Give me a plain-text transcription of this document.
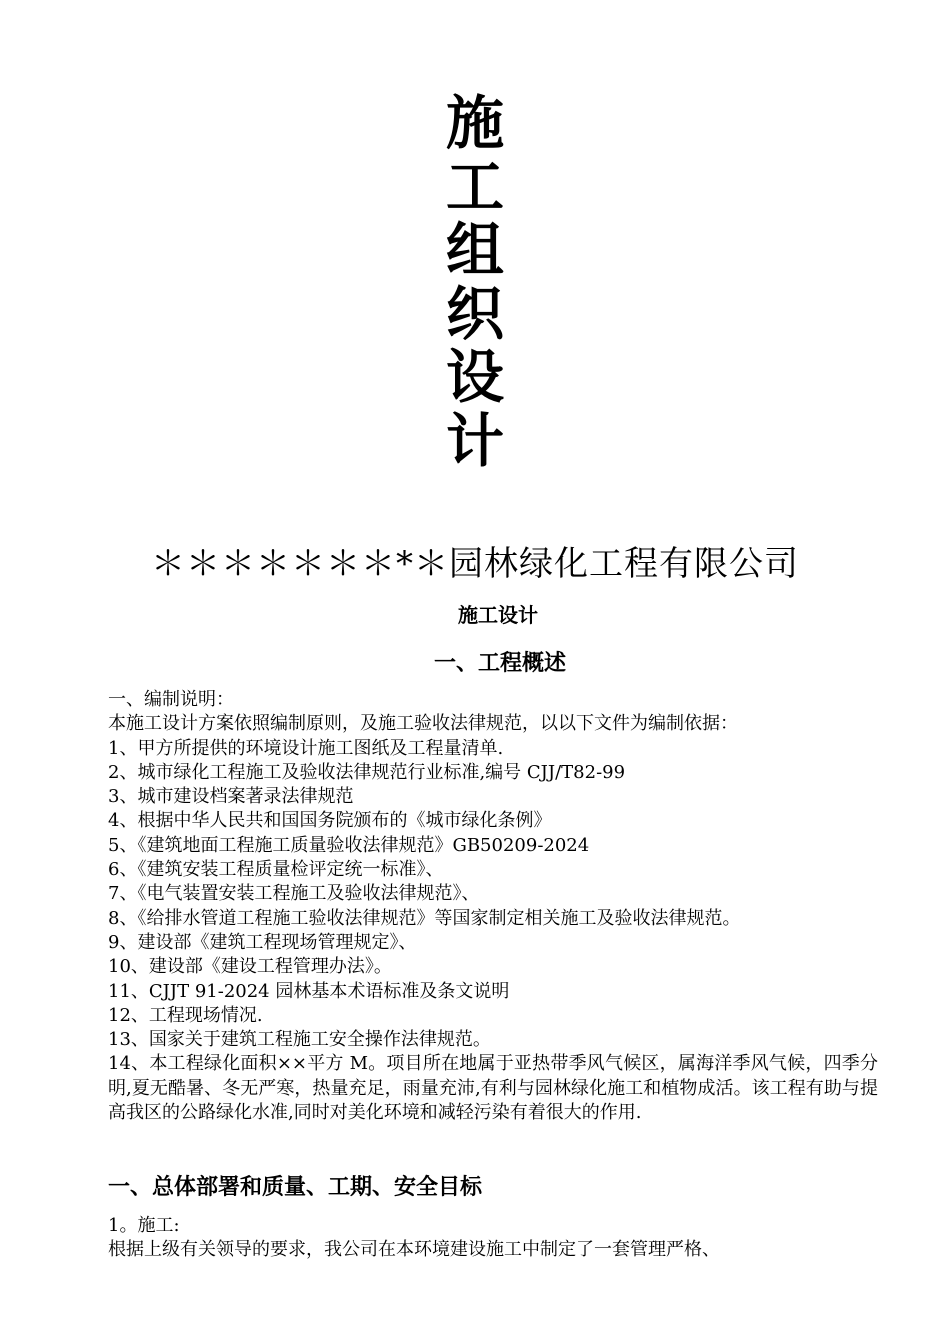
施
工
组
织
设
计
＊＊＊＊＊＊＊*＊园林绿化工程有限公司
施工设计
一、工程概述
一、编制说明：
本施工设计方案依照编制原则，及施工验收法律规范，以以下文件为编制依据：
1、甲方所提供的环境设计施工图纸及工程量清单.
2、城市绿化工程施工及验收法律规范行业标准,编号 CJJ/T82-99
3、城市建设档案著录法律规范
4、根据中华人民共和国国务院颁布的《城市绿化条例》
5、《建筑地面工程施工质量验收法律规范》GB50209-2024
6、《建筑安装工程质量检评定统一标准》、
7、《电气装置安装工程施工及验收法律规范》、
8、《给排水管道工程施工验收法律规范》等国家制定相关施工及验收法律规范。
9、建设部《建筑工程现场管理规定》、
10、建设部《建设工程管理办法》。
11、CJJT 91-2024 园林基本术语标准及条文说明
12、工程现场情况.
13、国家关于建筑工程施工安全操作法律规范。
14、本工程绿化面积××平方 M。项目所在地属于亚热带季风气候区，属海洋季风气候，四季分明,夏无酷暑、冬无严寒，热量充足，雨量充沛,有利与园林绿化施工和植物成活。该工程有助与提高我区的公路绿化水准,同时对美化环境和减轻污染有着很大的作用.
一、总体部署和质量、工期、安全目标
1。施工:
根据上级有关领导的要求，我公司在本环境建设施工中制定了一套管理严格、
